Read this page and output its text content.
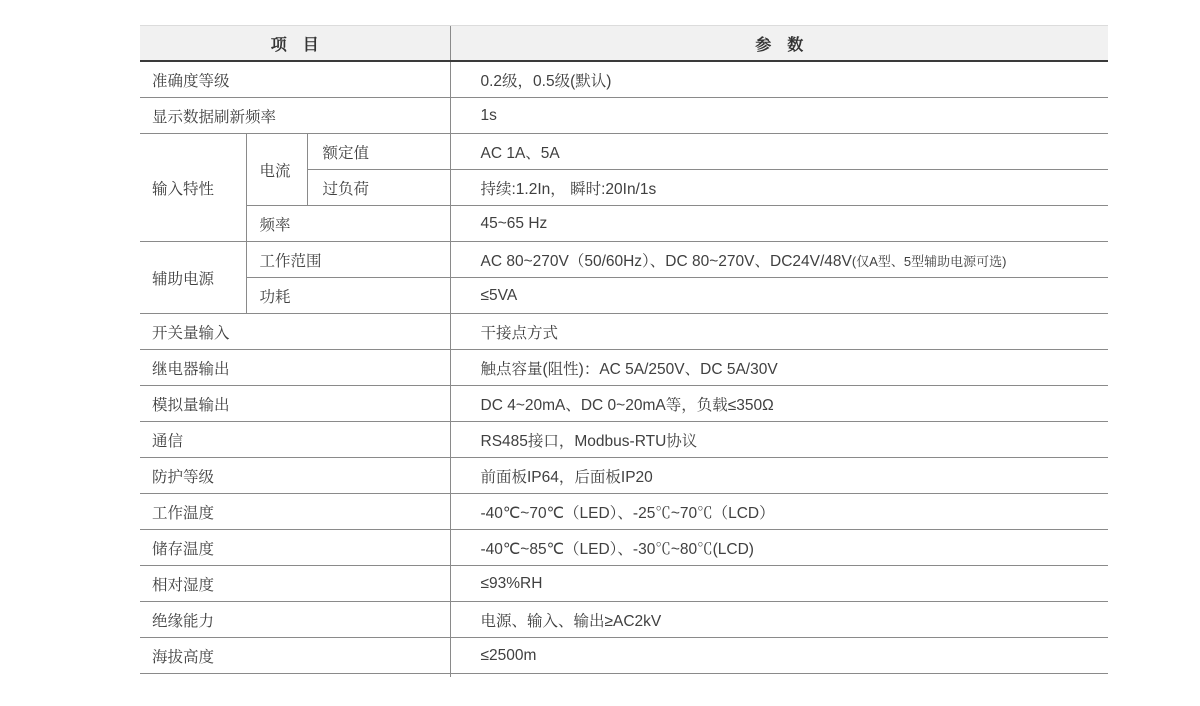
项　目			参　数
准确度等级			0.2级，0.5级(默认)
显示数据刷新频率			1s
输入特性	电流	额定值	AC 1A、5A
		过负荷	持续:1.2In， 瞬时:20In/1s
	频率		45~65 Hz
辅助电源	工作范围		AC 80~270V（50/60Hz）、DC 80~270V、DC24V/48V(仅A型、5型辅助电源可选)
	功耗		≤5VA
开关量输入			干接点方式
继电器输出			触点容量(阻性)：AC 5A/250V、DC 5A/30V
模拟量输出			DC 4~20mA、DC 0~20mA等，负载≤350Ω
通信			RS485接口，Modbus-RTU协议
防护等级			前面板IP64，后面板IP20
工作温度			-40℃~70℃（LED）、-25℃~70℃（LCD）
储存温度			-40℃~85℃（LED）、-30℃~80℃(LCD)
相对湿度			≤93%RH
绝缘能力			电源、输入、输出≥AC2kV
海拔高度			≤2500m
